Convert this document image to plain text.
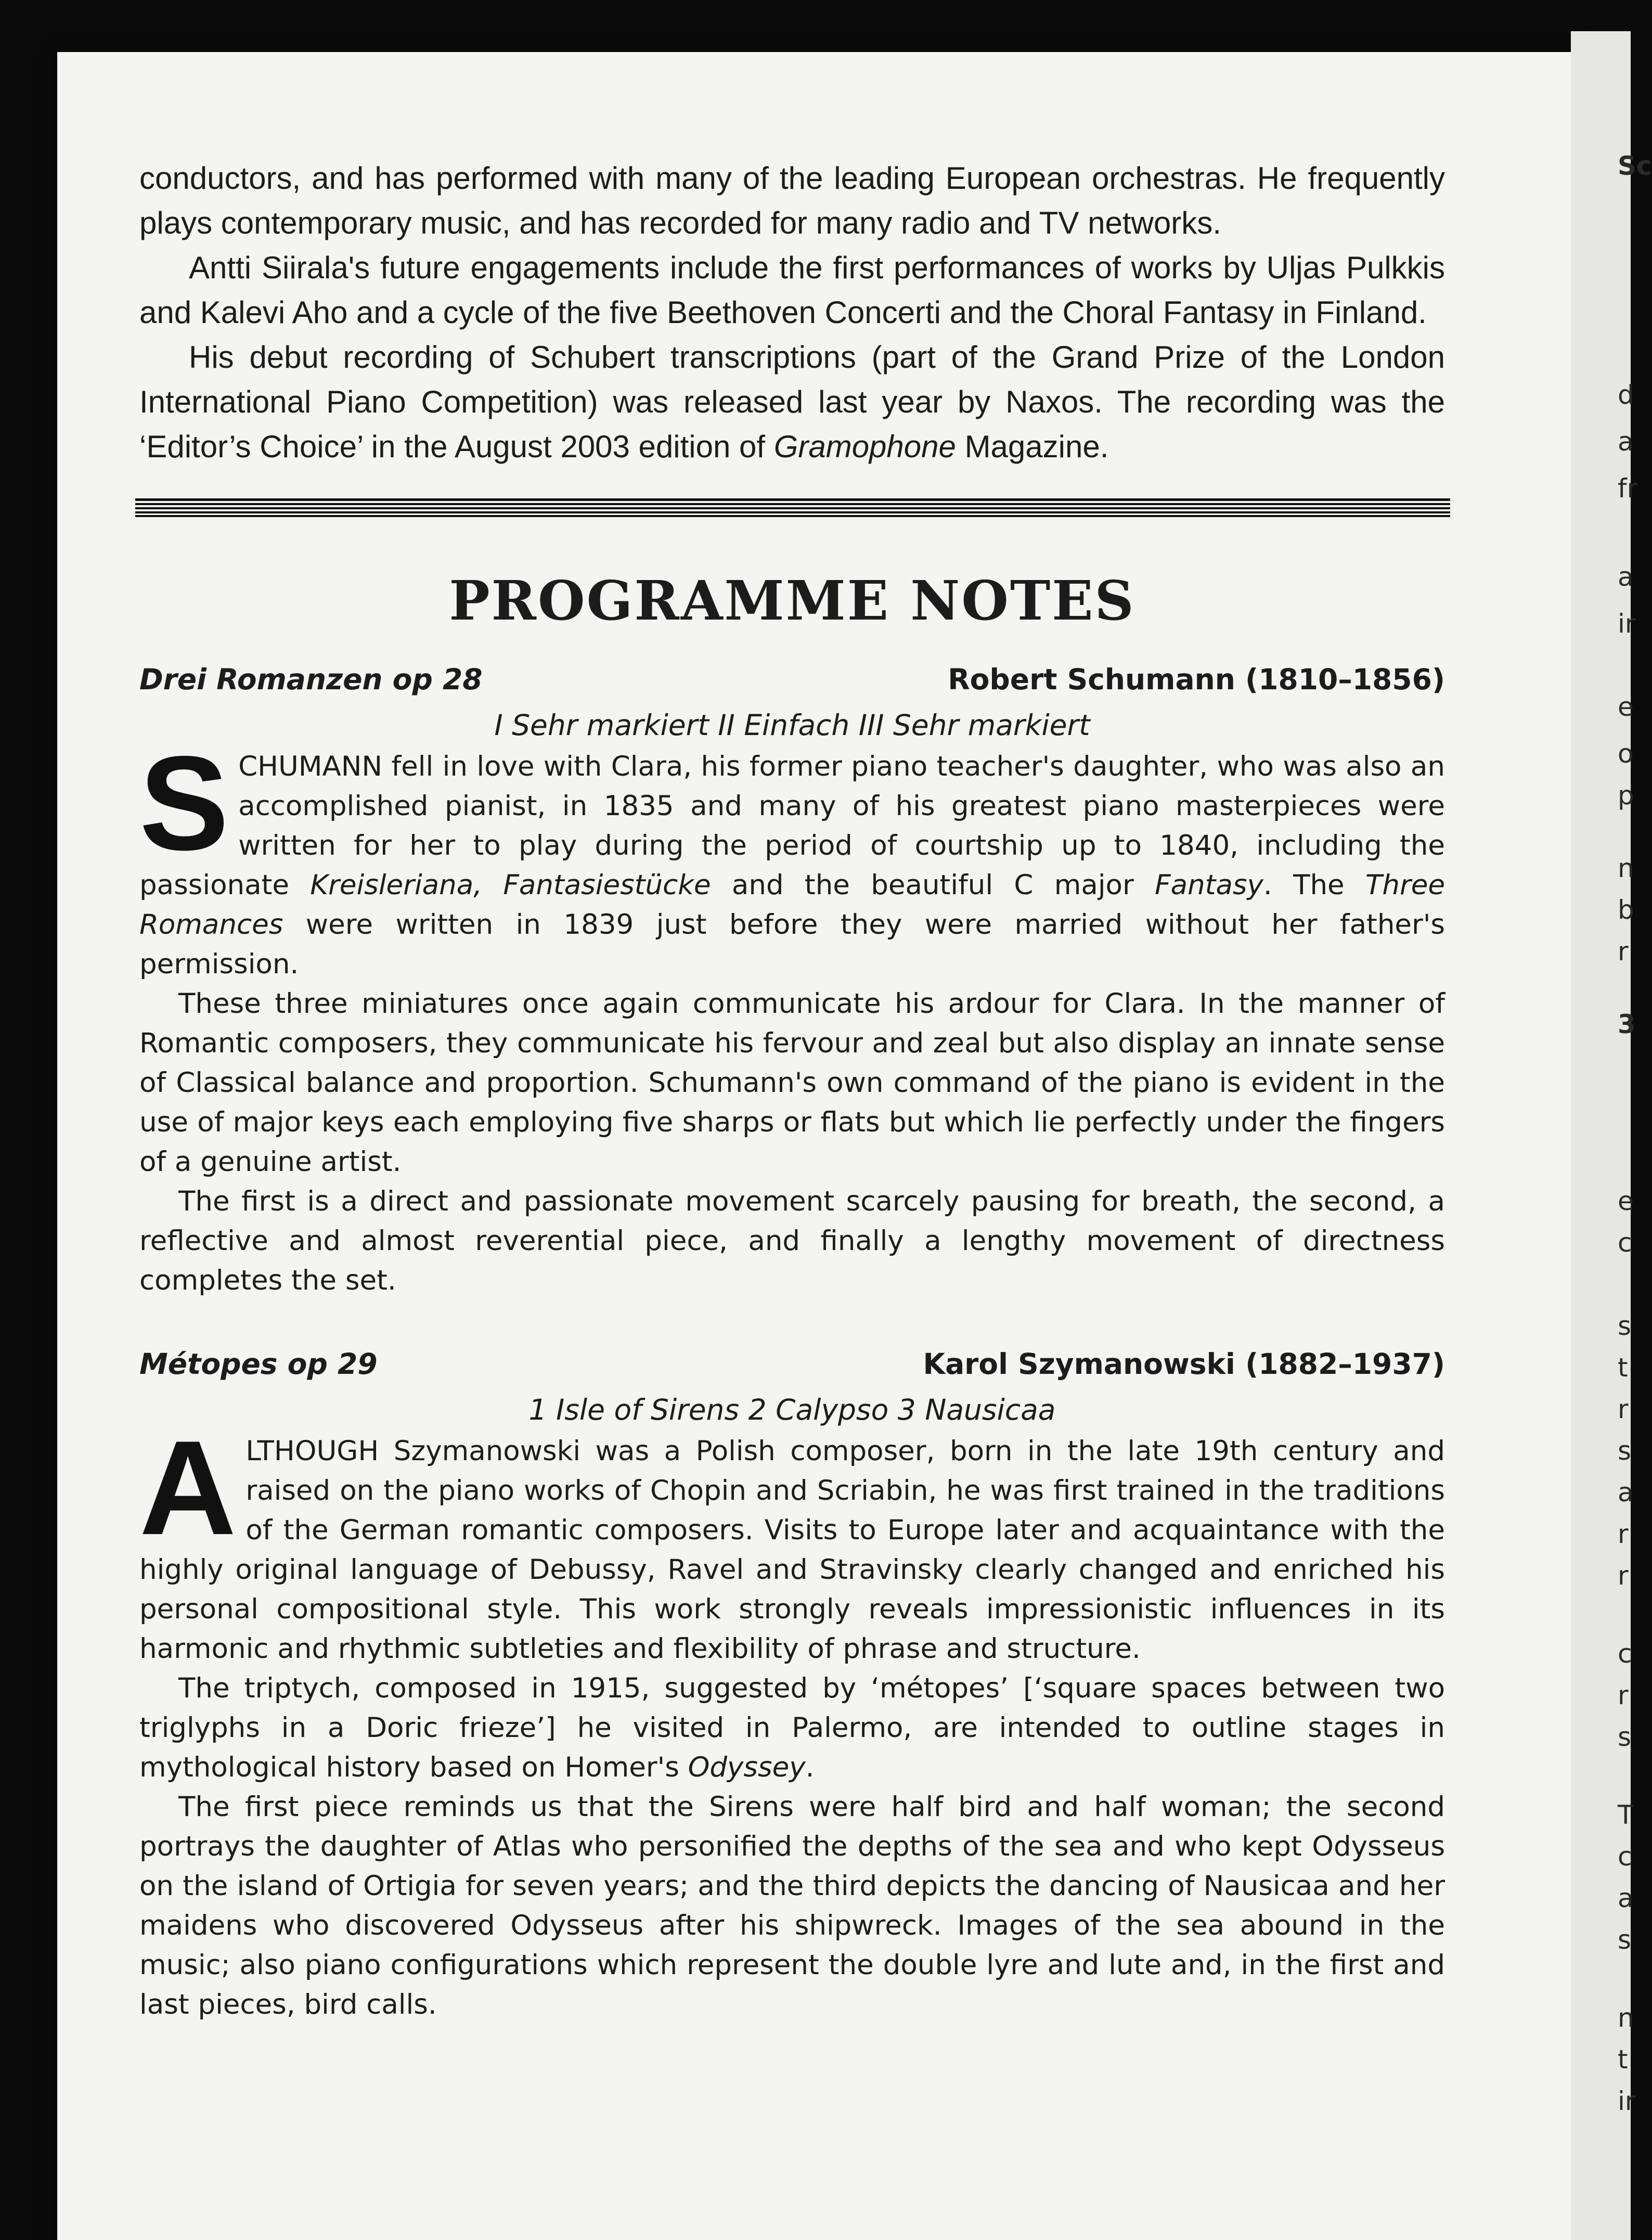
Sc
d
a
fr
a
ir
e
o
p
n
b
r
3
e
c
s
t
r
s
a
r
r
c
r
s
T
c
a
s
n
t
ir

conductors, and has performed with many of the leading European orchestras. He frequently plays contemporary music, and has recorded for many radio and TV networks.

Antti Siirala's future engagements include the first performances of works by Uljas Pulkkis and Kalevi Aho and a cycle of the five Beethoven Concerti and the Choral Fantasy in Finland.

His debut recording of Schubert transcriptions (part of the Grand Prize of the London International Piano Competition) was released last year by Naxos. The recording was the ‘Editor’s Choice’ in the August 2003 edition of Gramophone Magazine.

PROGRAMME NOTES
Drei Romanzen op 28	Robert Schumann (1810–1856)
I Sehr markiert II Einfach III Sehr markiert

SCHUMANN fell in love with Clara, his former piano teacher's daughter, who was also an accomplished pianist, in 1835 and many of his greatest piano masterpieces were written for her to play during the period of courtship up to 1840, including the passionate Kreisleriana, Fantasiestücke and the beautiful C major Fantasy. The Three Romances were written in 1839 just before they were married without her father's permission.

These three miniatures once again communicate his ardour for Clara. In the manner of Romantic composers, they communicate his fervour and zeal but also display an innate sense of Classical balance and proportion. Schumann's own command of the piano is evident in the use of major keys each employing five sharps or flats but which lie perfectly under the fingers of a genuine artist.

The first is a direct and passionate movement scarcely pausing for breath, the second, a reflective and almost reverential piece, and finally a lengthy movement of directness completes the set.

Métopes op 29	Karol Szymanowski (1882–1937)
1 Isle of Sirens 2 Calypso 3 Nausicaa

ALTHOUGH Szymanowski was a Polish composer, born in the late 19th century and raised on the piano works of Chopin and Scriabin, he was first trained in the traditions of the German romantic composers. Visits to Europe later and acquaintance with the highly original language of Debussy, Ravel and Stravinsky clearly changed and enriched his personal compositional style. This work strongly reveals impressionistic influences in its harmonic and rhythmic subtleties and flexibility of phrase and structure.

The triptych, composed in 1915, suggested by ‘métopes’ [‘square spaces between two triglyphs in a Doric frieze’] he visited in Palermo, are intended to outline stages in mythological history based on Homer's Odyssey.

The first piece reminds us that the Sirens were half bird and half woman; the second portrays the daughter of Atlas who personified the depths of the sea and who kept Odysseus on the island of Ortigia for seven years; and the third depicts the dancing of Nausicaa and her maidens who discovered Odysseus after his shipwreck. Images of the sea abound in the music; also piano configurations which represent the double lyre and lute and, in the first and last pieces, bird calls.
